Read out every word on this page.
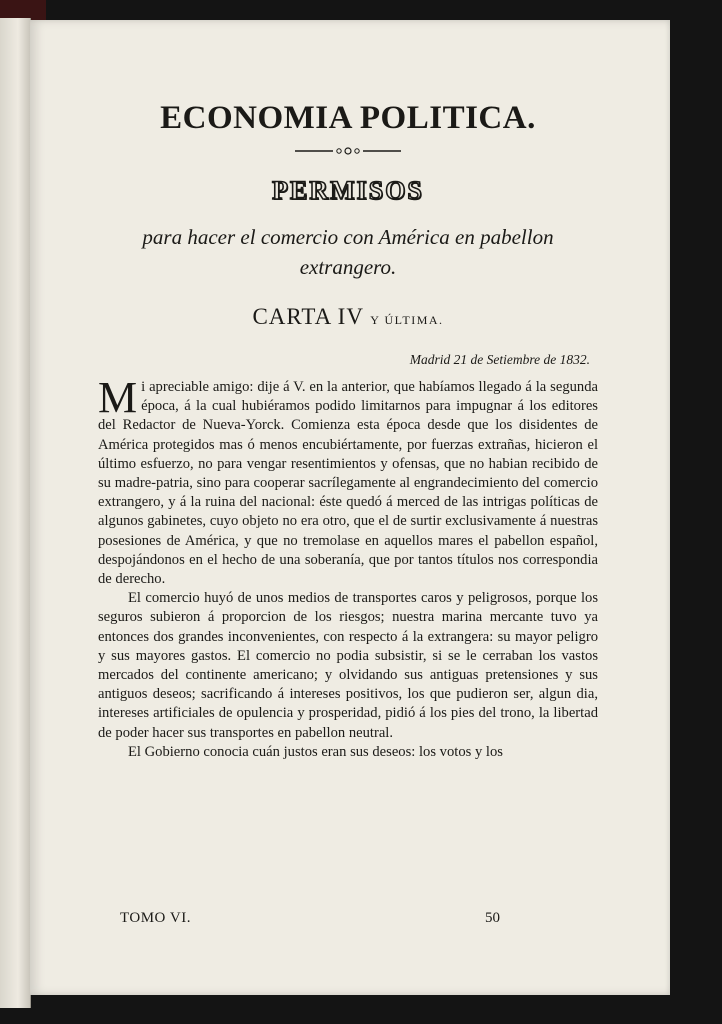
ECONOMIA POLITICA.
PERMISOS
para hacer el comercio con América en pabellon extrangero.
CARTA IV Y ÚLTIMA.
Madrid 21 de Setiembre de 1832.

Mi apreciable amigo: dije á V. en la anterior, que habíamos llegado á la segunda época, á la cual hubiéramos podido limitarnos para impugnar á los editores del Redactor de Nueva-Yorck. Comienza esta época desde que los disidentes de América protegidos mas ó menos encubiértamente, por fuerzas extrañas, hicieron el último esfuerzo, no para vengar resentimientos y ofensas, que no habian recibido de su madre-patria, sino para cooperar sacrílegamente al engrandecimiento del comercio extrangero, y á la ruina del nacional: éste quedó á merced de las intrigas políticas de algunos gabinetes, cuyo objeto no era otro, que el de surtir exclusivamente á nuestras posesiones de América, y que no tremolase en aquellos mares el pabellon español, despojándonos en el hecho de una soberanía, que por tantos títulos nos correspondia de derecho.

El comercio huyó de unos medios de transportes caros y peligrosos, porque los seguros subieron á proporcion de los riesgos; nuestra marina mercante tuvo ya entonces dos grandes inconvenientes, con respecto á la extrangera: su mayor peligro y sus mayores gastos. El comercio no podia subsistir, si se le cerraban los vastos mercados del continente americano; y olvidando sus antiguas pretensiones y sus antiguos deseos; sacrificando á intereses positivos, los que pudieron ser, algun dia, intereses artificiales de opulencia y prosperidad, pidió á los pies del trono, la libertad de poder hacer sus transportes en pabellon neutral.

El Gobierno conocia cuán justos eran sus deseos: los votos y los

TOMO VI.	50
